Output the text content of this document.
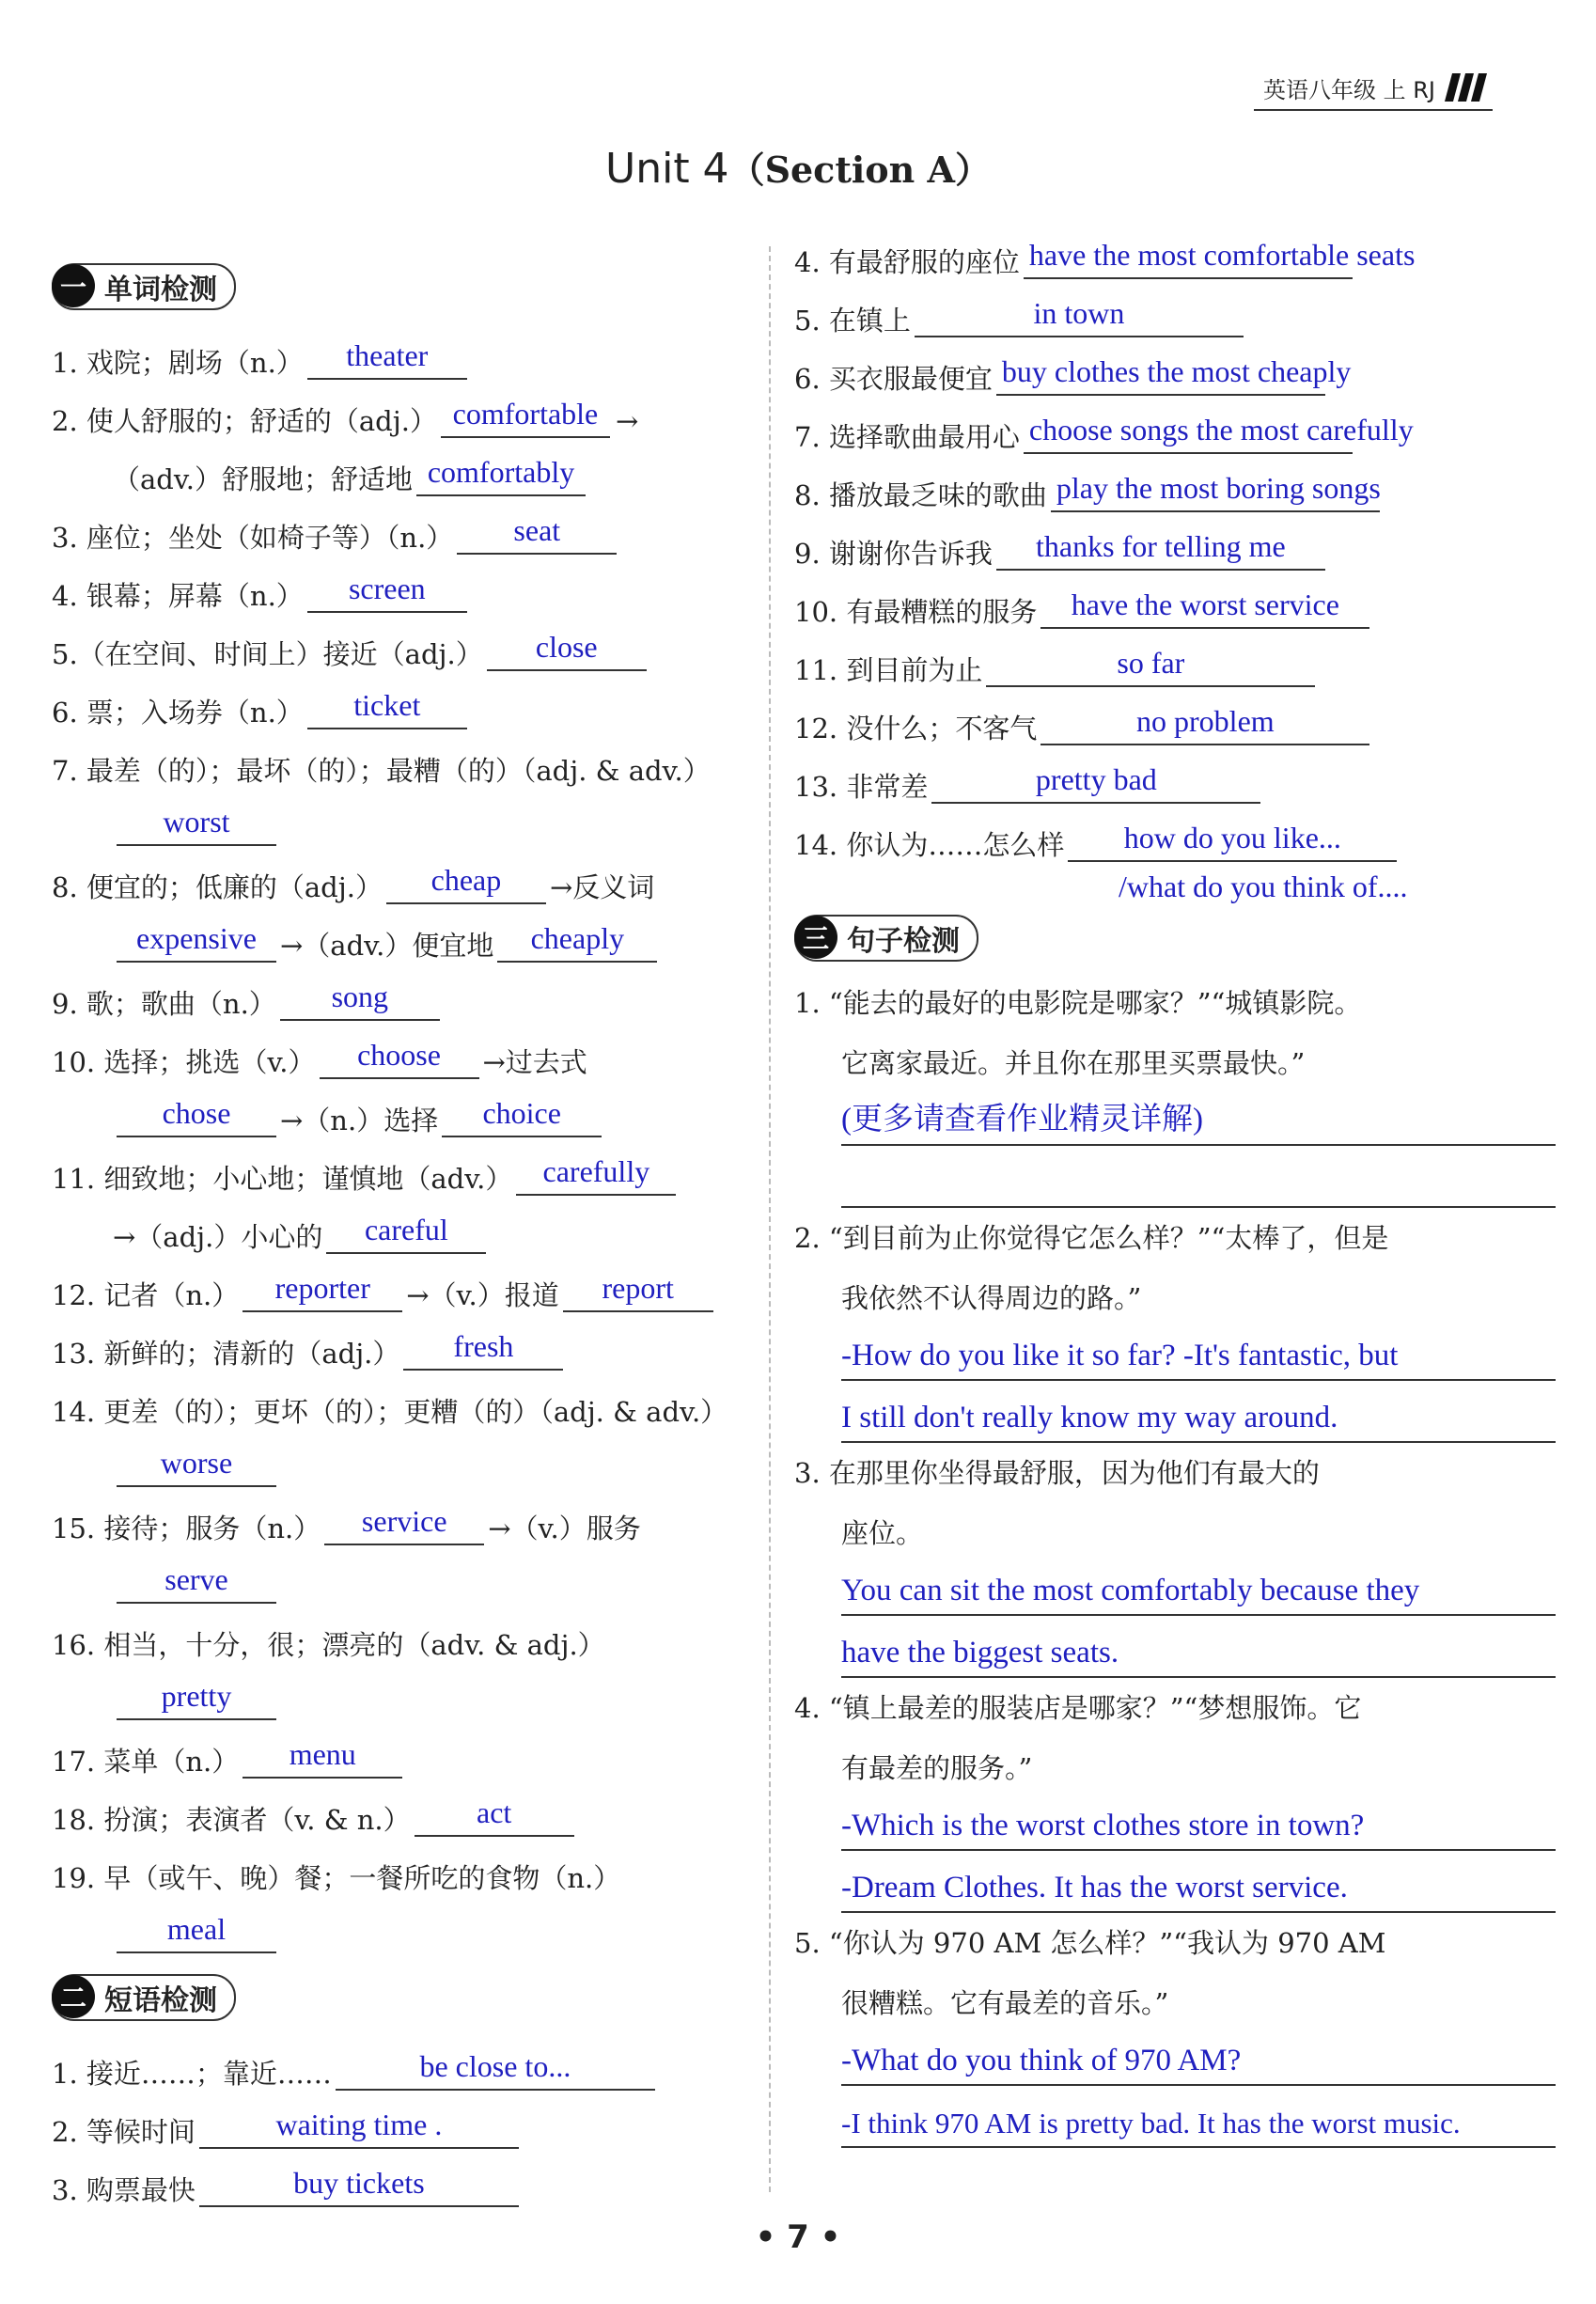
英语八年级 上 RJ
Unit 4（Section A）
一 单词检测
1. 戏院；剧场（n.）	theater
2. 使人舒服的；舒适的（adj.） comfortable →
（adv.）舒服地；舒适地 comfortably
3. 座位；坐处（如椅子等）（n.）	seat
4. 银幕；屏幕（n.）	screen
5.（在空间、时间上）接近（adj.）	close
6. 票；入场券（n.）	ticket
7. 最差（的）；最坏（的）；最糟（的）（adj. & adv.）
worst
8. 便宜的；低廉的（adj.）	cheap	→反义词
expensive →（adv.）便宜地	cheaply
9. 歌；歌曲（n.）	song
10. 选择；挑选（v.）	choose	→过去式
chose	→（n.）选择	choice
11. 细致地；小心地；谨慎地（adv.）	carefully
→（adj.）小心的	careful
12. 记者（n.）	reporter	→（v.）报道	report
13. 新鲜的；清新的（adj.）	fresh
14. 更差（的）；更坏（的）；更糟（的）（adj. & adv.）
worse
15. 接待；服务（n.）	service	→（v.）服务
serve
16. 相当，十分，很；漂亮的（adv. & adj.）
pretty
17. 菜单（n.）	menu
18. 扮演；表演者（v. & n.）	act
19. 早（或午、晚）餐；一餐所吃的食物（n.）
meal
二 短语检测
1. 接近……；靠近……	be close to...
2. 等候时间	waiting time .
3. 购票最快	buy tickets
4. 有最舒服的座位 have the most comfortable seats
5. 在镇上	in town
6. 买衣服最便宜 buy clothes the most cheaply
7. 选择歌曲最用心 choose songs the most carefully
8. 播放最乏味的歌曲 play the most boring songs
9. 谢谢你告诉我	thanks for telling me
10. 有最糟糕的服务	have the worst service
11. 到目前为止	so far
12. 没什么；不客气	no problem
13. 非常差	pretty bad
14. 你认为……怎么样	how do you like...
/what do you think of....
三 句子检测

1. “能去的最好的电影院是哪家？”“城镇影院。

它离家最近。并且你在那里买票最快。”

(更多请查看作业精灵详解)

2. “到目前为止你觉得它怎么样？”“太棒了，但是

我依然不认得周边的路。”

-How do you like it so far? -It's fantastic, but
I still don't really know my way around.

3. 在那里你坐得最舒服，因为他们有最大的

座位。

You can sit the most comfortably because they
have the biggest seats.

4. “镇上最差的服装店是哪家？”“梦想服饰。它

有最差的服务。”

-Which is the worst clothes store in town?
-Dream Clothes. It has the worst service.

5. “你认为 970 AM 怎么样？”“我认为 970 AM

很糟糕。它有最差的音乐。”

-What do you think of 970 AM?
-I think 970 AM is pretty bad. It has the worst music.
• 7 •
